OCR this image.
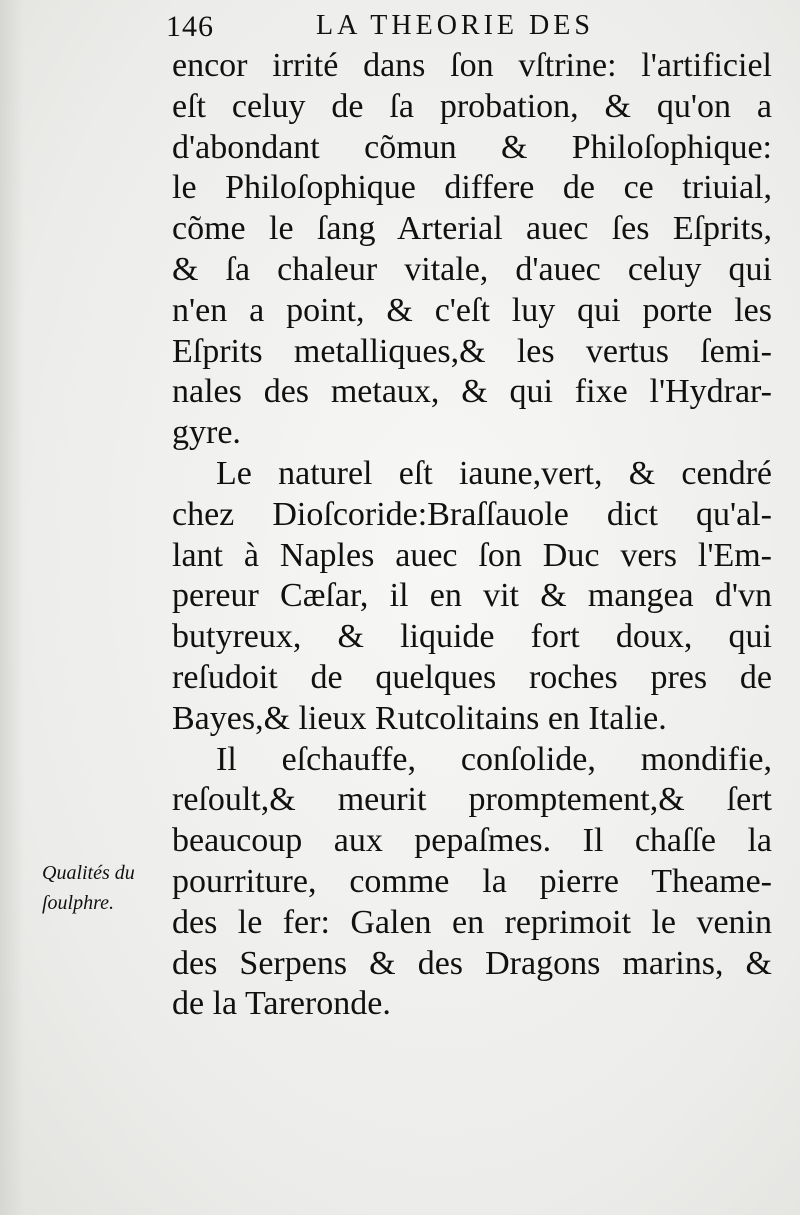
146	LA THEORIE DES
Qualités du
ſoulphre.
encor irrité dans ſon vſtrine: l'artificiel
eſt celuy de ſa probation, & qu'on a
d'abondant cõmun & Philoſophique:
le Philoſophique differe de ce triuial,
cõme le ſang Arterial auec ſes Eſprits,
& ſa chaleur vitale, d'auec celuy qui
n'en a point, & c'eſt luy qui porte les
Eſprits metalliques,& les vertus ſemi-
nales des metaux, & qui fixe l'Hydrar-
gyre.
Le naturel eſt iaune,vert, & cendré
chez Dioſcoride:Braſſauole dict qu'al-
lant à Naples auec ſon Duc vers l'Em-
pereur Cæſar, il en vit & mangea d'vn
butyreux, & liquide fort doux, qui
reſudoit de quelques roches pres de
Bayes,& lieux Rutcolitains en Italie.
Il eſchauffe, conſolide, mondifie,
reſoult,& meurit promptement,& ſert
beaucoup aux pepaſmes. Il chaſſe la
pourriture, comme la pierre Theame-
des le fer: Galen en reprimoit le venin
des Serpens & des Dragons marins, &
de la Tareronde.
